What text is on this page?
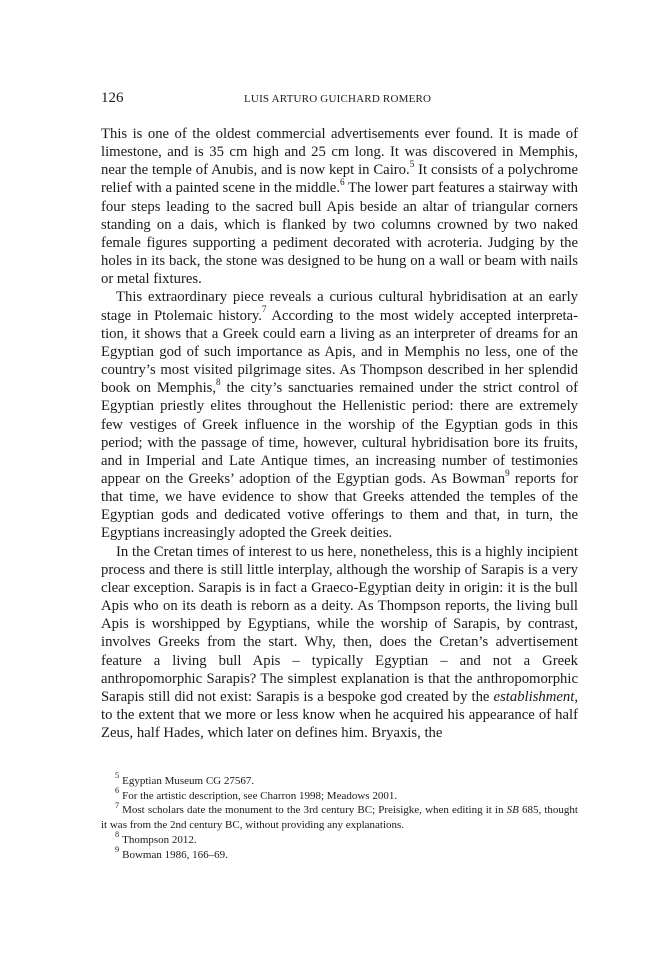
126	LUIS ARTURO GUICHARD ROMERO

This is one of the oldest commercial advertisements ever found. It is made of limestone, and is 35 cm high and 25 cm long. It was discovered in Memphis, near the temple of Anubis, and is now kept in Cairo.$^5$ It consists of a polychrome relief with a painted scene in the middle.$^6$ The lower part features a stairway with four steps leading to the sacred bull Apis beside an altar of triangular corners standing on a dais, which is flanked by two columns crowned by two naked female figures supporting a pediment decorated with acroteria. Judging by the holes in its back, the stone was designed to be hung on a wall or beam with nails or metal fixtures.

This extraordinary piece reveals a curious cultural hybridisation at an early stage in Ptolemaic history.$^7$ According to the most widely accepted interpretation, it shows that a Greek could earn a living as an interpreter of dreams for an Egyptian god of such importance as Apis, and in Memphis no less, one of the country’s most visited pilgrimage sites. As Thompson described in her splendid book on Memphis,$^8$ the city’s sanctuaries remained under the strict control of Egyptian priestly elites throughout the Hellenistic period: there are extremely few vestiges of Greek influence in the worship of the Egyptian gods in this period; with the passage of time, however, cultural hybridisation bore its fruits, and in Imperial and Late Antique times, an increasing number of testimonies appear on the Greeks’ adoption of the Egyptian gods. As Bowman$^9$ reports for that time, we have evidence to show that Greeks attended the temples of the Egyptian gods and dedicated votive offerings to them and that, in turn, the Egyptians increasingly adopted the Greek deities.

In the Cretan times of interest to us here, nonetheless, this is a highly incipient process and there is still little interplay, although the worship of Sarapis is a very clear exception. Sarapis is in fact a Graeco-Egyptian deity in origin: it is the bull Apis who on its death is reborn as a deity. As Thompson reports, the living bull Apis is worshipped by Egyptians, while the worship of Sarapis, by contrast, involves Greeks from the start. Why, then, does the Cretan’s advertisement feature a living bull Apis – typically Egyptian – and not a Greek anthropomorphic Sarapis? The simplest explanation is that the anthropomorphic Sarapis still did not exist: Sarapis is a bespoke god created by the establishment, to the extent that we more or less know when he acquired his appearance of half Zeus, half Hades, which later on defines him. Bryaxis, the

$^5$ Egyptian Museum CG 27567.

$^6$ For the artistic description, see Charron 1998; Meadows 2001.

$^7$ Most scholars date the monument to the 3rd century BC; Preisigke, when editing it in SB 685, thought it was from the 2nd century BC, without providing any explanations.

$^8$ Thompson 2012.

$^9$ Bowman 1986, 166–69.
